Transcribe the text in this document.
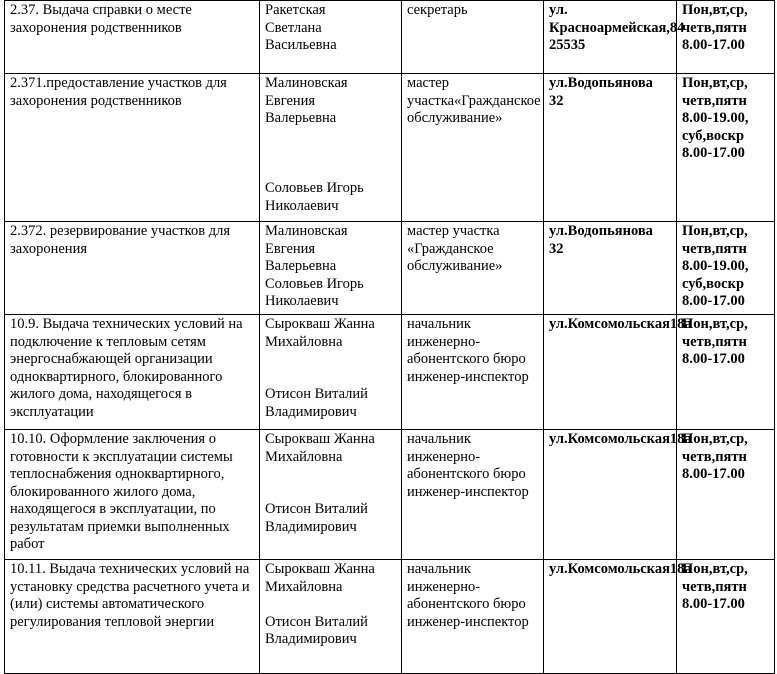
2.37. Выдача справки о месте захоронения родственников	Ракетская
Светлана
Васильевна	секретарь	ул. Красноармейская,84
25535	Пон,вт,ср,
четв,пятн
8.00-17.00
2.371.предоставление участков для захоронения родственников	Малиновская
Евгения
Валерьевна

Соловьев Игорь
Николаевич	мастер участка«Гражданское обслуживание»	ул.Водопьянова 32	Пон,вт,ср,
четв,пятн
8.00-19.00,
суб,воскр
8.00-17.00
2.372. резервирование участков для захоронения	Малиновская
Евгения
Валерьевна
Соловьев Игорь
Николаевич	мастер участка «Гражданское обслуживание»	ул.Водопьянова 32	Пон,вт,ср,
четв,пятн
8.00-19.00,
суб,воскр
8.00-17.00
10.9. Выдача технических условий на подключение к тепловым сетям энергоснабжающей организации одноквартирного, блокированного жилого дома, находящегося в эксплуатации	Сырокваш Жанна
Михайловна

Отисон Виталий
Владимирович	начальник инженерно-абонентского бюро инженер-инспектор	ул.Комсомольская18а	Пон,вт,ср,
четв,пятн
8.00-17.00
10.10. Оформление заключения о готовности к эксплуатации системы теплоснабжения одноквартирного, блокированного жилого дома, находящегося в эксплуатации, по результатам приемки выполненных работ	Сырокваш Жанна
Михайловна

Отисон Виталий
Владимирович	начальник инженерно-абонентского бюро инженер-инспектор	ул.Комсомольская18а	Пон,вт,ср,
четв,пятн
8.00-17.00
10.11. Выдача технических условий на установку средства расчетного учета и (или) системы автоматического регулирования тепловой энергии	Сырокваш Жанна
Михайловна

Отисон Виталий
Владимирович	начальник инженерно-абонентского бюро инженер-инспектор	ул.Комсомольская18а	Пон,вт,ср,
четв,пятн
8.00-17.00
